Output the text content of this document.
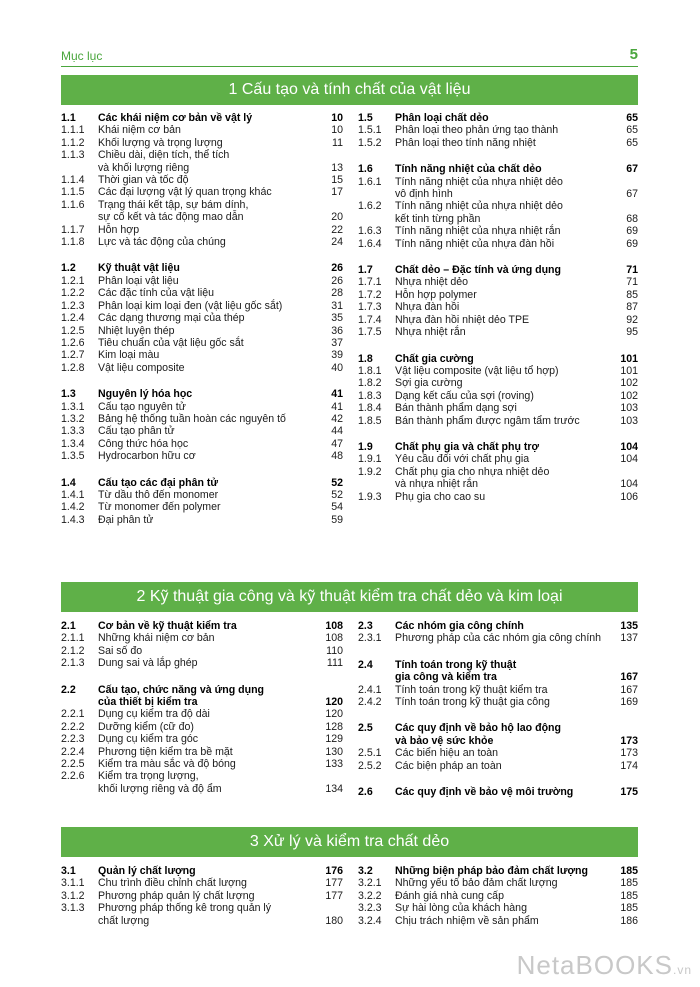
Mục lục	5
1 Cấu tạo và tính chất của vật liệu
1.1	Các khái niệm cơ bản về vật lý	10
1.1.1	Khái niệm cơ bản	10
1.1.2	Khối lượng và trọng lượng	11
1.1.3	Chiều dài, diện tích, thể tích
và khối lượng riêng	13
1.1.4	Thời gian và tốc độ	15
1.1.5	Các đại lượng vật lý quan trọng khác	17
1.1.6	Trạng thái kết tập, sự bám dính,
sự cố kết và tác động mao dẫn	20
1.1.7	Hỗn hợp	22
1.1.8	Lực và tác động của chúng	24
1.2	Kỹ thuật vật liệu	26
1.2.1	Phân loại vật liệu	26
1.2.2	Các đặc tính của vật liệu	28
1.2.3	Phân loại kim loại đen (vật liệu gốc sắt)	31
1.2.4	Các dạng thương mại của thép	35
1.2.5	Nhiệt luyện thép	36
1.2.6	Tiêu chuẩn của vật liệu gốc sắt	37
1.2.7	Kim loại màu	39
1.2.8	Vật liệu composite	40
1.3	Nguyên lý hóa học	41
1.3.1	Cấu tạo nguyên tử	41
1.3.2	Bảng hệ thống tuần hoàn các nguyên tố	42
1.3.3	Cấu tạo phân tử	44
1.3.4	Công thức hóa học	47
1.3.5	Hydrocarbon hữu cơ	48
1.4	Cấu tạo các đại phân tử	52
1.4.1	Từ dầu thô đến monomer	52
1.4.2	Từ monomer đến polymer	54
1.4.3	Đại phân tử	59
1.5	Phân loại chất dẻo	65
1.5.1	Phân loại theo phản ứng tạo thành	65
1.5.2	Phân loại theo tính năng nhiệt	65
1.6	Tính năng nhiệt của chất dẻo	67
1.6.1	Tính năng nhiệt của nhựa nhiệt dẻo
vô định hình	67
1.6.2	Tính năng nhiệt của nhựa nhiệt dẻo
kết tinh từng phần	68
1.6.3	Tính năng nhiệt của nhựa nhiệt rắn	69
1.6.4	Tính năng nhiệt của nhựa đàn hồi	69
1.7	Chất dẻo – Đặc tính và ứng dụng	71
1.7.1	Nhựa nhiệt dẻo	71
1.7.2	Hỗn hợp polymer	85
1.7.3	Nhựa đàn hồi	87
1.7.4	Nhựa đàn hồi nhiệt dẻo TPE	92
1.7.5	Nhựa nhiệt rắn	95
1.8	Chất gia cường	101
1.8.1	Vật liệu composite (vật liệu tổ hợp)	101
1.8.2	Sợi gia cường	102
1.8.3	Dạng kết cấu của sợi (roving)	102
1.8.4	Bán thành phẩm dạng sợi	103
1.8.5	Bán thành phẩm được ngâm tẩm trước	103
1.9	Chất phụ gia và chất phụ trợ	104
1.9.1	Yêu cầu đối với chất phụ gia	104
1.9.2	Chất phụ gia cho nhựa nhiệt dẻo
và nhựa nhiệt rắn	104
1.9.3	Phụ gia cho cao su	106
2 Kỹ thuật gia công và kỹ thuật kiểm tra chất dẻo và kim loại
2.1	Cơ bản về kỹ thuật kiểm tra	108
2.1.1	Những khái niệm cơ bản	108
2.1.2	Sai số đo	110
2.1.3	Dung sai và lắp ghép	111
2.2	Cấu tạo, chức năng và ứng dụng
của thiết bị kiểm tra	120
2.2.1	Dụng cụ kiểm tra độ dài	120
2.2.2	Dưỡng kiểm (cữ đo)	128
2.2.3	Dụng cụ kiểm tra góc	129
2.2.4	Phương tiện kiểm tra bề mặt	130
2.2.5	Kiểm tra màu sắc và độ bóng	133
2.2.6	Kiểm tra trọng lượng,
khối lượng riêng và độ ẩm	134
2.3	Các nhóm gia công chính	135
2.3.1	Phương pháp của các nhóm gia công chính	137
2.4	Tính toán trong kỹ thuật
gia công và kiểm tra	167
2.4.1	Tính toán trong kỹ thuật kiểm tra	167
2.4.2	Tính toán trong kỹ thuật gia công	169
2.5	Các quy định về bảo hộ lao động
và bảo vệ sức khỏe	173
2.5.1	Các biển hiệu an toàn	173
2.5.2	Các biện pháp an toàn	174
2.6	Các quy định về bảo vệ môi trường	175
3 Xử lý và kiểm tra chất dẻo
3.1	Quản lý chất lượng	176
3.1.1	Chu trình điều chỉnh chất lượng	177
3.1.2	Phương pháp quản lý chất lượng	177
3.1.3	Phương pháp thống kê trong quản lý
chất lượng	180
3.2	Những biện pháp bảo đảm chất lượng	185
3.2.1	Những yếu tố bảo đảm chất lượng	185
3.2.2	Đánh giá nhà cung cấp	185
3.2.3	Sự hài lòng của khách hàng	185
3.2.4	Chịu trách nhiệm về sản phẩm	186
NetaBOOKS.vn
